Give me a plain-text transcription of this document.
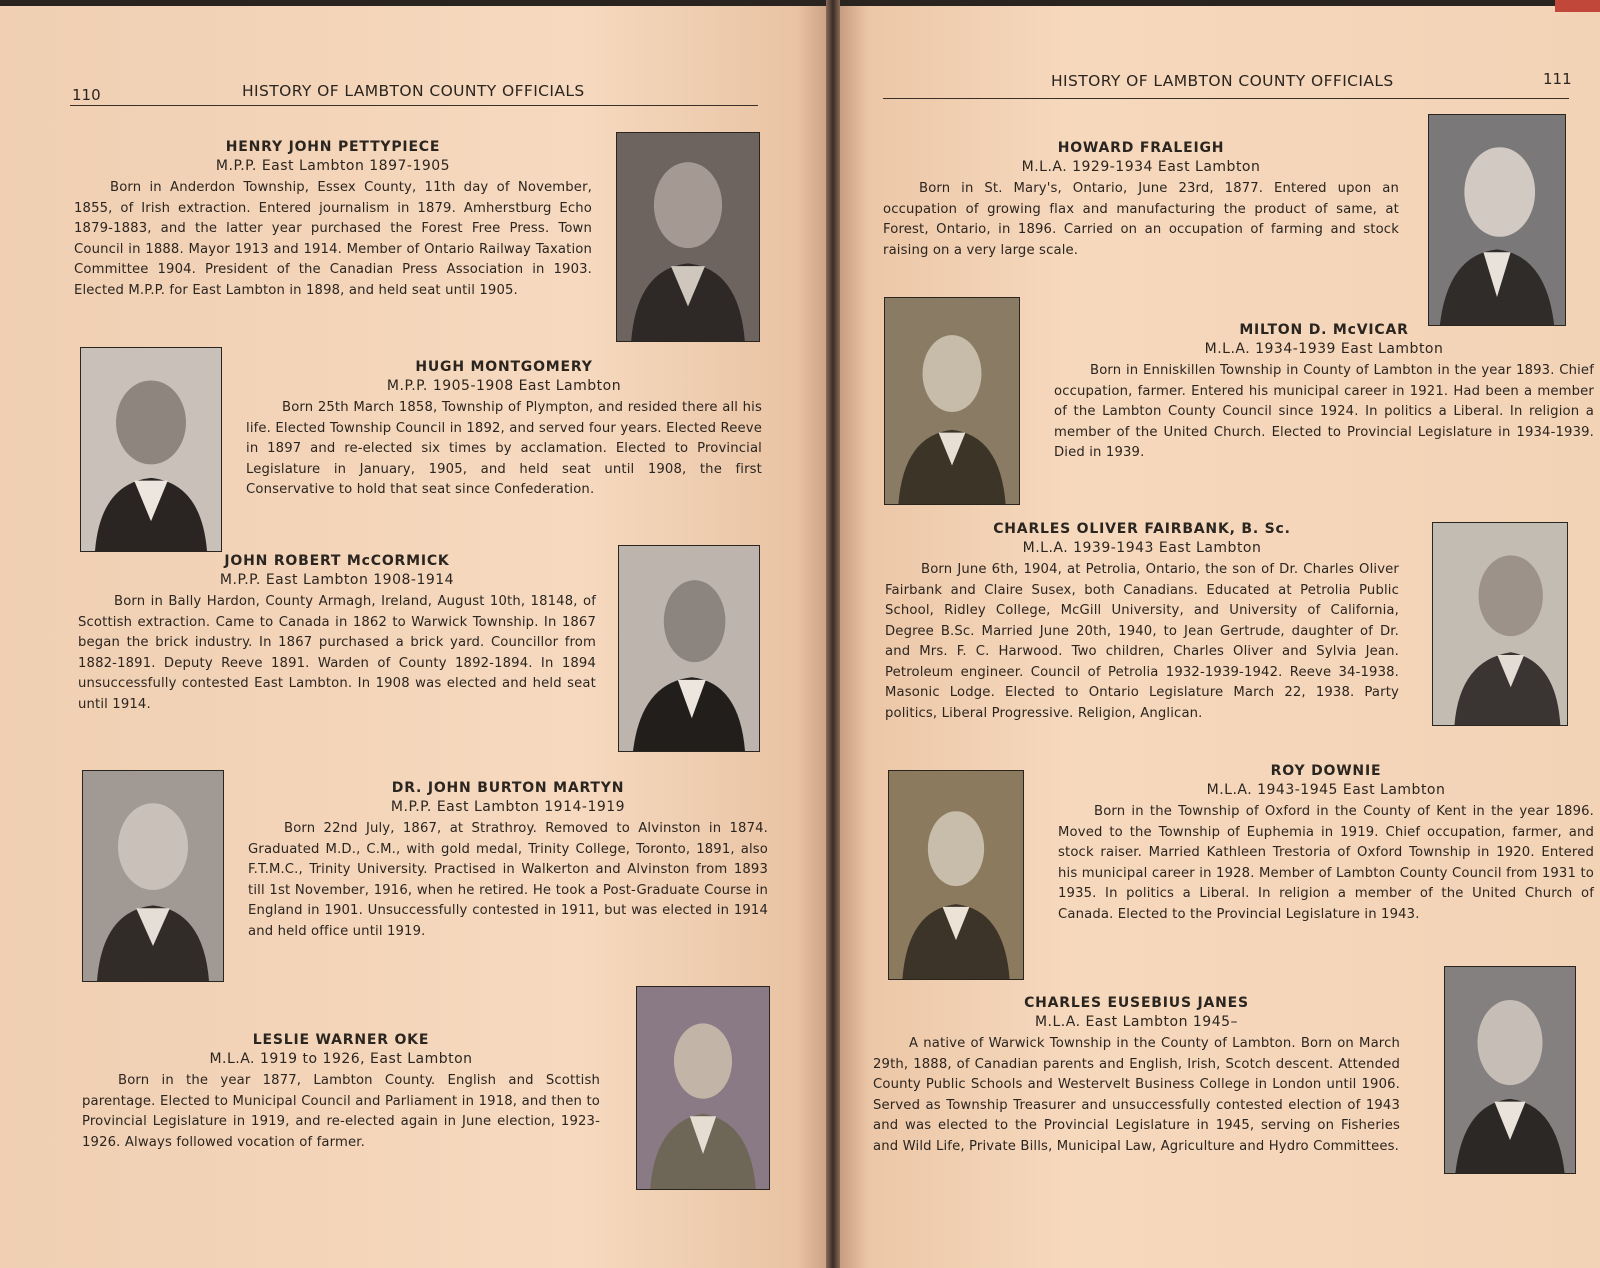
110	HISTORY OF LAMBTON COUNTY OFFICIALS
HENRY JOHN PETTYPIECE
M.P.P. East Lambton 1897-1905
Born in Anderdon Township, Essex County, 11th day of November, 1855, of Irish extraction. Entered journalism in 1879. Amherstburg Echo 1879-1883, and the latter year purchased the Forest Free Press. Town Council in 1888. Mayor 1913 and 1914. Member of Ontario Railway Taxation Committee 1904. President of the Canadian Press Association in 1903. Elected M.P.P. for East Lambton in 1898, and held seat until 1905.
HUGH MONTGOMERY
M.P.P. 1905-1908 East Lambton
Born 25th March 1858, Township of Plympton, and resided there all his life. Elected Township Council in 1892, and served four years. Elected Reeve in 1897 and re-elected six times by acclamation. Elected to Provincial Legislature in January, 1905, and held seat until 1908, the first Conservative to hold that seat since Confederation.
JOHN ROBERT McCORMICK
M.P.P. East Lambton 1908-1914
Born in Bally Hardon, County Armagh, Ireland, August 10th, 18148, of Scottish extraction. Came to Canada in 1862 to Warwick Township. In 1867 began the brick industry. In 1867 purchased a brick yard. Councillor from 1882-1891. Deputy Reeve 1891. Warden of County 1892-1894. In 1894 unsuccessfully contested East Lambton. In 1908 was elected and held seat until 1914.
DR. JOHN BURTON MARTYN
M.P.P. East Lambton 1914-1919
Born 22nd July, 1867, at Strathroy. Removed to Alvinston in 1874. Graduated M.D., C.M., with gold medal, Trinity College, Toronto, 1891, also F.T.M.C., Trinity University. Practised in Walkerton and Alvinston from 1893 till 1st November, 1916, when he retired. He took a Post-Graduate Course in England in 1901. Unsuccessfully contested in 1911, but was elected in 1914 and held office until 1919.
LESLIE WARNER OKE
M.L.A. 1919 to 1926, East Lambton
Born in the year 1877, Lambton County. English and Scottish parentage. Elected to Municipal Council and Parliament in 1918, and then to Provincial Legislature in 1919, and re-elected again in June election, 1923-1926. Always followed vocation of farmer.
HISTORY OF LAMBTON COUNTY OFFICIALS	111
HOWARD FRALEIGH
M.L.A. 1929-1934 East Lambton
Born in St. Mary's, Ontario, June 23rd, 1877. Entered upon an occupation of growing flax and manufacturing the product of same, at Forest, Ontario, in 1896. Carried on an occupation of farming and stock raising on a very large scale.
MILTON D. McVICAR
M.L.A. 1934-1939 East Lambton
Born in Enniskillen Township in County of Lambton in the year 1893. Chief occupation, farmer. Entered his municipal career in 1921. Had been a member of the Lambton County Council since 1924. In politics a Liberal. In religion a member of the United Church. Elected to Provincial Legislature in 1934-1939. Died in 1939.
CHARLES OLIVER FAIRBANK, B. Sc.
M.L.A. 1939-1943 East Lambton
Born June 6th, 1904, at Petrolia, Ontario, the son of Dr. Charles Oliver Fairbank and Claire Susex, both Canadians. Educated at Petrolia Public School, Ridley College, McGill University, and University of California, Degree B.Sc. Married June 20th, 1940, to Jean Gertrude, daughter of Dr. and Mrs. F. C. Harwood. Two children, Charles Oliver and Sylvia Jean. Petroleum engineer. Council of Petrolia 1932-1939-1942. Reeve 34-1938. Masonic Lodge. Elected to Ontario Legislature March 22, 1938. Party politics, Liberal Progressive. Religion, Anglican.
ROY DOWNIE
M.L.A. 1943-1945 East Lambton
Born in the Township of Oxford in the County of Kent in the year 1896. Moved to the Township of Euphemia in 1919. Chief occupation, farmer, and stock raiser. Married Kathleen Trestoria of Oxford Township in 1920. Entered his municipal career in 1928. Member of Lambton County Council from 1931 to 1935. In politics a Liberal. In religion a member of the United Church of Canada. Elected to the Provincial Legislature in 1943.
CHARLES EUSEBIUS JANES
M.L.A. East Lambton 1945–
A native of Warwick Township in the County of Lambton. Born on March 29th, 1888, of Canadian parents and English, Irish, Scotch descent. Attended County Public Schools and Westervelt Business College in London until 1906. Served as Township Treasurer and unsuccessfully contested election of 1943 and was elected to the Provincial Legislature in 1945, serving on Fisheries and Wild Life, Private Bills, Municipal Law, Agriculture and Hydro Committees.
